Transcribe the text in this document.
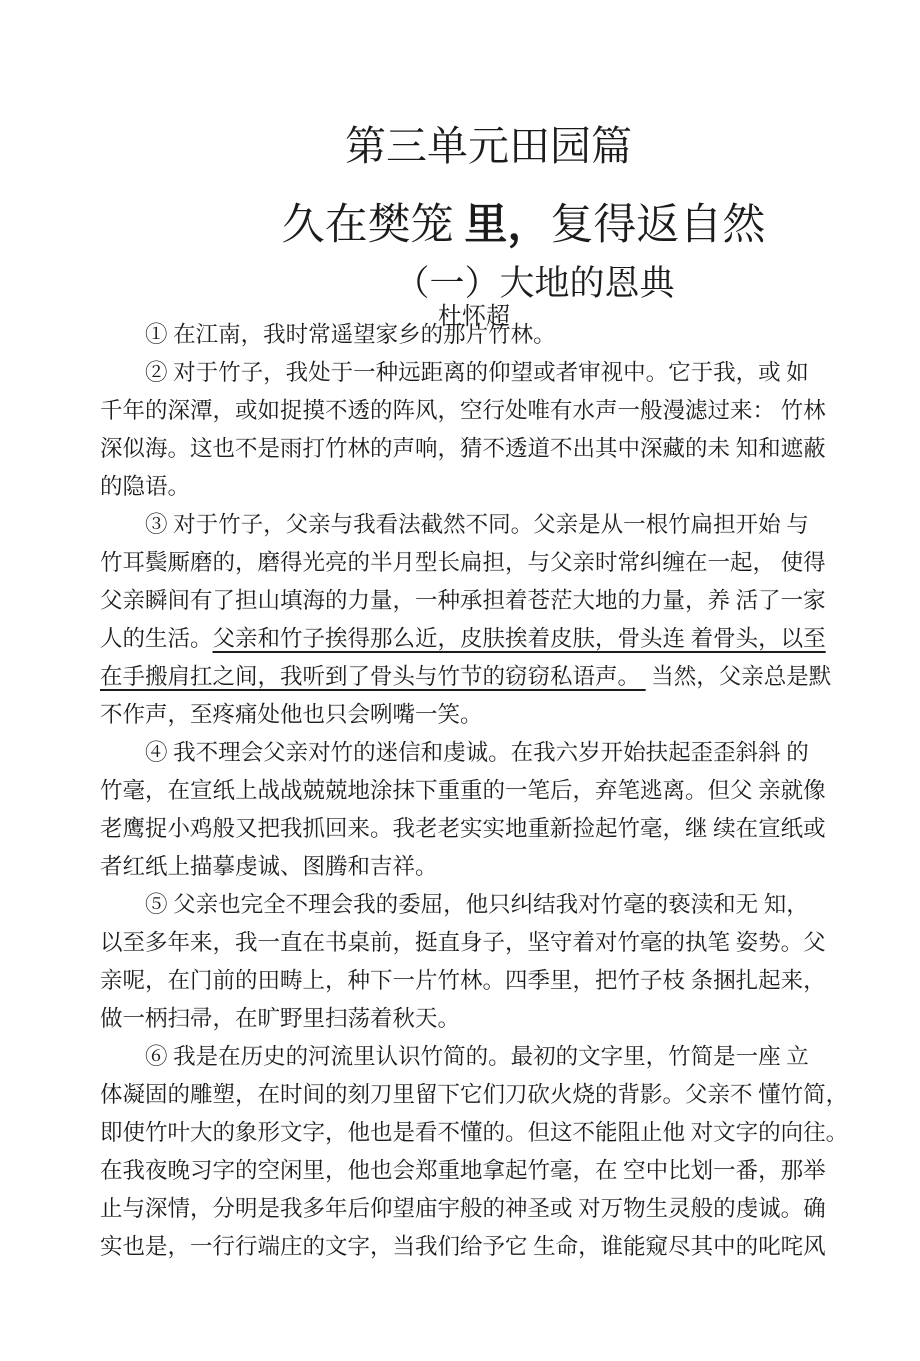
第三单元田园篇

久在樊笼 里，复得返自然

（一）大地的恩典

杜怀超

① 在江南，我时常遥望家乡的那片竹林。
② 对于竹子，我处于一种远距离的仰望或者审视中。它于我，或 如
千年的深潭，或如捉摸不透的阵风，空行处唯有水声一般漫滤过来： 竹林
深似海。这也不是雨打竹林的声响，猜不透道不出其中深藏的未 知和遮蔽
的隐语。
③ 对于竹子，父亲与我看法截然不同。父亲是从一根竹扁担开始 与
竹耳鬓厮磨的，磨得光亮的半月型长扁担，与父亲时常纠缠在一起， 使得
父亲瞬间有了担山填海的力量，一种承担着苍茫大地的力量，养 活了一家
人的生活。父亲和竹子挨得那么近，皮肤挨着皮肤，骨头连 着骨头，以至
在手搬肩扛之间，我听到了骨头与竹节的窃窃私语声。  当然，父亲总是默
不作声，至疼痛处他也只会咧嘴一笑。
④ 我不理会父亲对竹的迷信和虔诚。在我六岁开始扶起歪歪斜斜 的
竹毫，在宣纸上战战兢兢地涂抹下重重的一笔后，弃笔逃离。但父 亲就像
老鹰捉小鸡般又把我抓回来。我老老实实地重新捡起竹毫，继 续在宣纸或
者红纸上描摹虔诚、图腾和吉祥。
⑤ 父亲也完全不理会我的委屈，他只纠结我对竹毫的亵渎和无 知，
以至多年来，我一直在书桌前，挺直身子，坚守着对竹毫的执笔 姿势。父
亲呢，在门前的田畴上，种下一片竹林。四季里，把竹子枝 条捆扎起来，
做一柄扫帚，在旷野里扫荡着秋天。
⑥ 我是在历史的河流里认识竹简的。最初的文字里，竹简是一座 立
体凝固的雕塑，在时间的刻刀里留下它们刀砍火烧的背影。父亲不 懂竹简，
即使竹叶大的象形文字，他也是看不懂的。但这不能阻止他 对文字的向往。
在我夜晚习字的空闲里，他也会郑重地拿起竹毫，在 空中比划一番，那举
止与深情，分明是我多年后仰望庙宇般的神圣或 对万物生灵般的虔诚。确
实也是，一行行端庄的文字，当我们给予它 生命，谁能窥尽其中的叱咤风
